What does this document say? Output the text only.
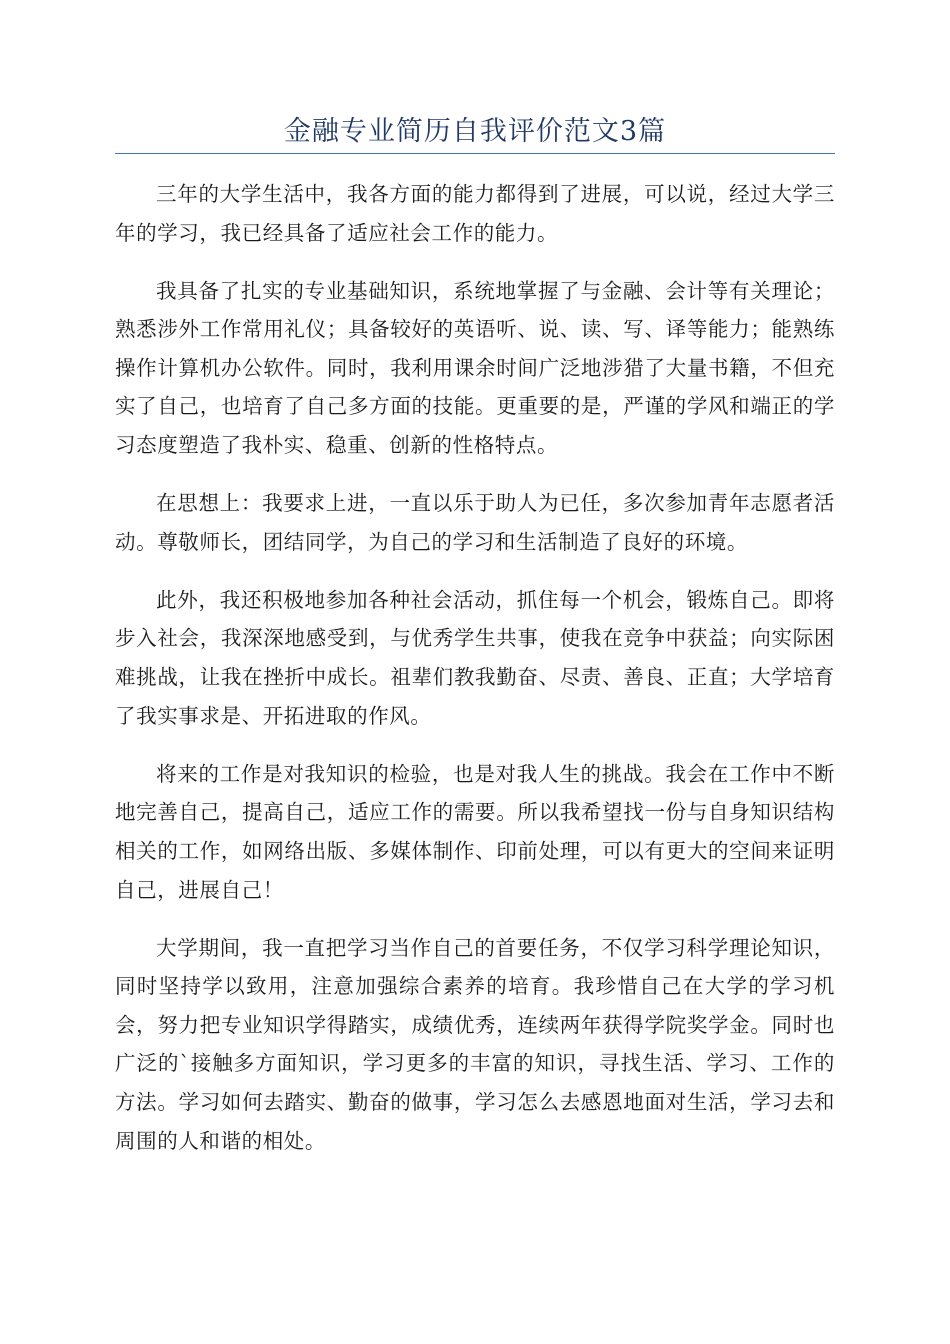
金融专业简历自我评价范文3篇

三年的大学生活中，我各方面的能力都得到了进展，可以说，经过大学三年的学习，我已经具备了适应社会工作的能力。

我具备了扎实的专业基础知识，系统地掌握了与金融、会计等有关理论；熟悉涉外工作常用礼仪；具备较好的英语听、说、读、写、译等能力；能熟练操作计算机办公软件。同时，我利用课余时间广泛地涉猎了大量书籍，不但充实了自己，也培育了自己多方面的技能。更重要的是，严谨的学风和端正的学习态度塑造了我朴实、稳重、创新的性格特点。

在思想上：我要求上进，一直以乐于助人为已任，多次参加青年志愿者活动。尊敬师长，团结同学，为自己的学习和生活制造了良好的环境。

此外，我还积极地参加各种社会活动，抓住每一个机会，锻炼自己。即将步入社会，我深深地感受到，与优秀学生共事，使我在竞争中获益；向实际困难挑战，让我在挫折中成长。祖辈们教我勤奋、尽责、善良、正直；大学培育了我实事求是、开拓进取的作风。

将来的工作是对我知识的检验，也是对我人生的挑战。我会在工作中不断地完善自己，提高自己，适应工作的需要。所以我希望找一份与自身知识结构相关的工作，如网络出版、多媒体制作、印前处理，可以有更大的空间来证明自己，进展自己！

大学期间，我一直把学习当作自己的首要任务，不仅学习科学理论知识，同时坚持学以致用，注意加强综合素养的培育。我珍惜自己在大学的学习机会，努力把专业知识学得踏实，成绩优秀，连续两年获得学院奖学金。同时也广泛的`接触多方面知识，学习更多的丰富的知识，寻找生活、学习、工作的方法。学习如何去踏实、勤奋的做事，学习怎么去感恩地面对生活，学习去和周围的人和谐的相处。
